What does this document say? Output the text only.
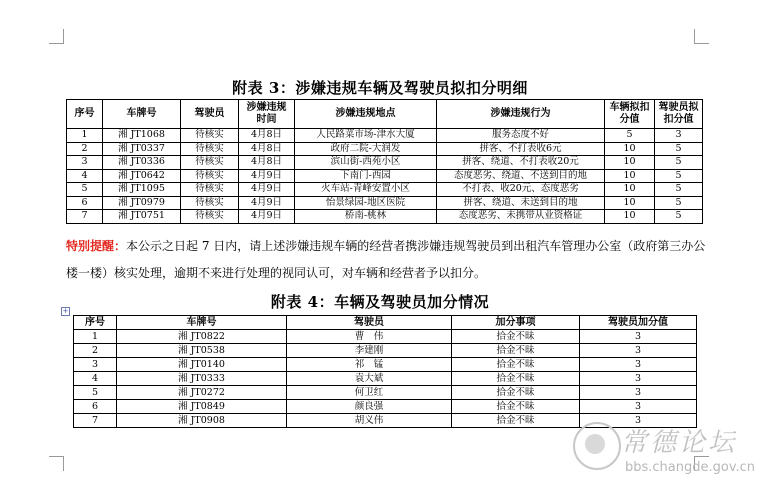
附表 3：涉嫌违规车辆及驾驶员拟扣分明细
序号	车牌号	驾驶员	涉嫌违规时间	涉嫌违规地点	涉嫌违规行为	车辆拟扣分值	驾驶员拟扣分值

1	湘 JT1068	待核实	4月8日	人民路菜市场-津水大厦	服务态度不好	5	3
2	湘 JT0337	待核实	4月8日	政府二院-大润发	拼客、不打表收6元	10	5
3	湘 JT0336	待核实	4月8日	滨山街-西苑小区	拼客、绕道、不打表收20元	10	5
4	湘 JT0642	待核实	4月9日	下南门-西园	态度恶劣、绕道、不送到目的地	10	5
5	湘 JT1095	待核实	4月9日	火车站-青峰安置小区	不打表、收20元、态度恶劣	10	5
6	湘 JT0979	待核实	4月9日	怡景绿园-地区医院	拼客、绕道、未送到目的地	10	5
7	湘 JT0751	待核实	4月9日	桥南-桃林	态度恶劣、未携带从业资格证	10	5
特别提醒：本公示之日起 7 日内，请上述涉嫌违规车辆的经营者携涉嫌违规驾驶员到出租汽车管理办公室（政府第三办公楼一楼）核实处理，逾期不来进行处理的视同认可，对车辆和经营者予以扣分。
+	附表 4：车辆及驾驶员加分情况
序号	车牌号	驾驶员	加分事项	驾驶员加分值
1	湘 JT0822	曹　伟	拾金不昧	3
2	湘 JT0538	李建刚	拾金不昧	3
3	湘 JT0140	祁　锰	拾金不昧	3
4	湘 JT0333	袁大斌	拾金不昧	3
5	湘 JT0272	何卫红	拾金不昧	3
6	湘 JT0849	颜良强	拾金不昧	3
7	湘 JT0908	胡义伟	拾金不昧	3
常德论坛
bbs.changde.gov.cn
